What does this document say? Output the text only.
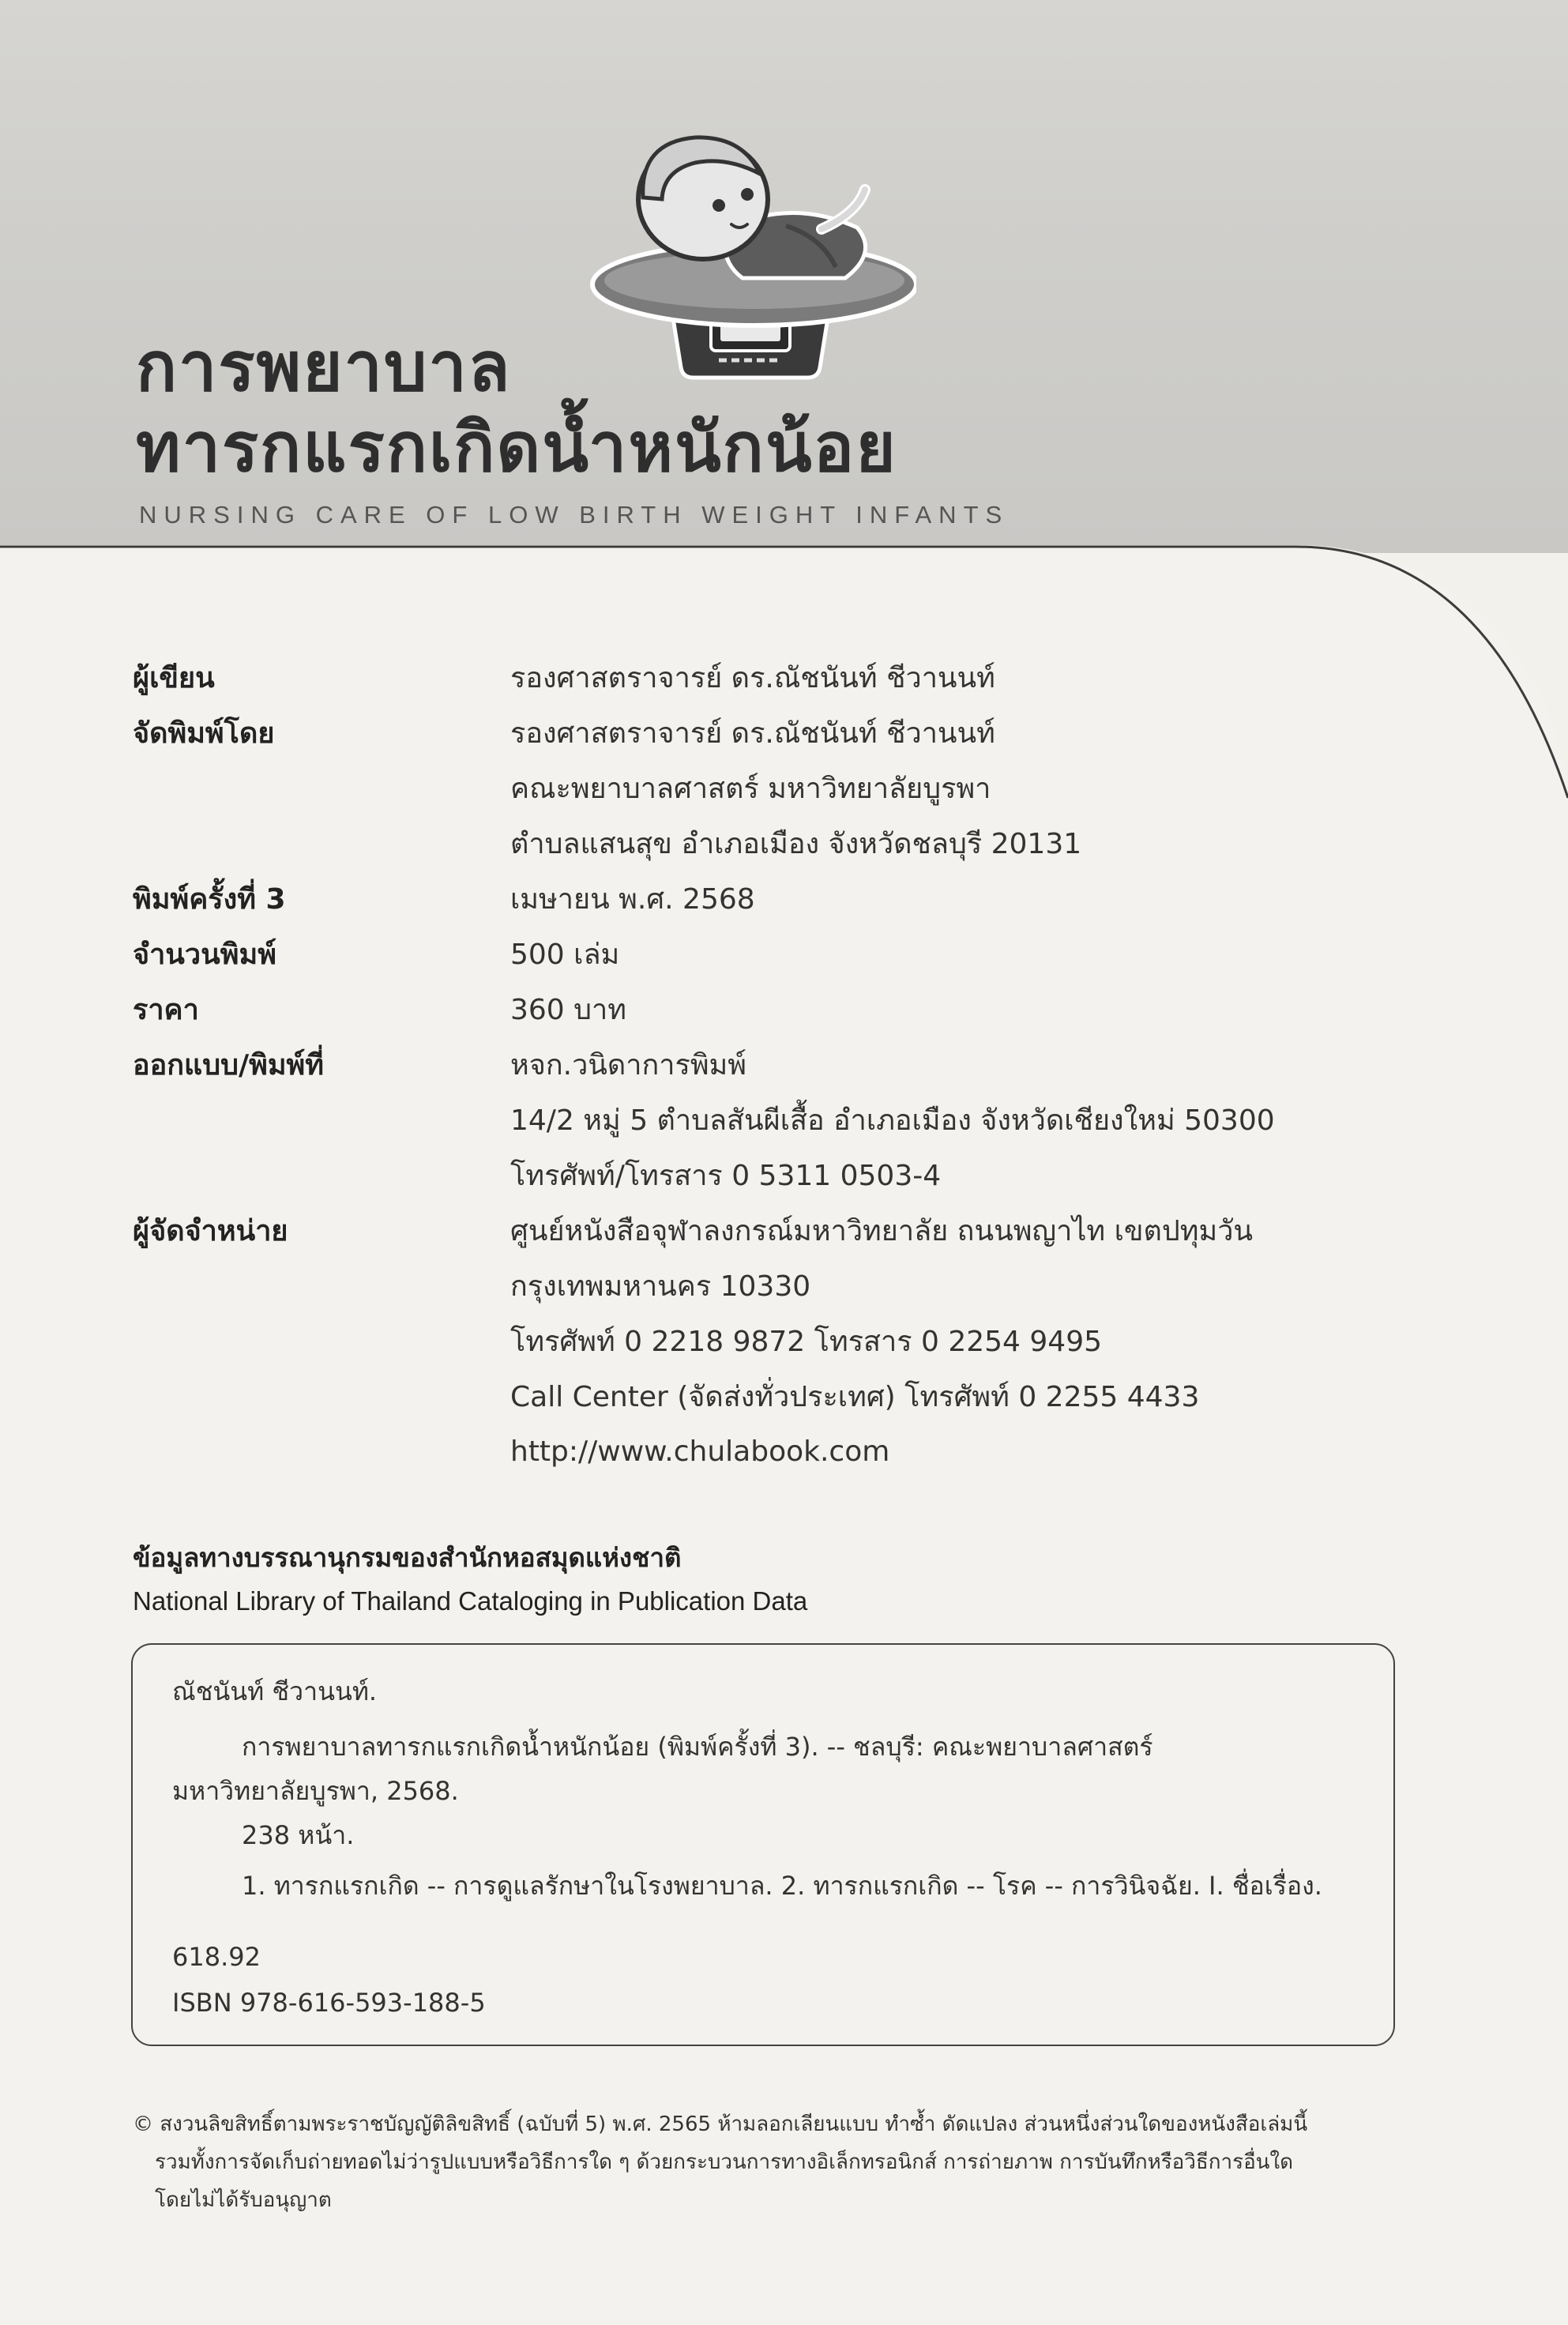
การพยาบาล
ทารกแรกเกิดน้ำหนักน้อย

NURSING CARE OF LOW BIRTH WEIGHT INFANTS

ผู้เขียน	รองศาสตราจารย์ ดร.ณัชนันท์ ชีวานนท์
จัดพิมพ์โดย	รองศาสตราจารย์ ดร.ณัชนันท์ ชีวานนท์
คณะพยาบาลศาสตร์ มหาวิทยาลัยบูรพา
ตำบลแสนสุข อำเภอเมือง จังหวัดชลบุรี 20131
พิมพ์ครั้งที่ 3	เมษายน พ.ศ. 2568
จำนวนพิมพ์	500 เล่ม
ราคา	360 บาท
ออกแบบ/พิมพ์ที่	หจก.วนิดาการพิมพ์
14/2 หมู่ 5 ตำบลสันผีเสื้อ อำเภอเมือง จังหวัดเชียงใหม่ 50300
โทรศัพท์/โทรสาร 0 5311 0503-4
ผู้จัดจำหน่าย	ศูนย์หนังสือจุฬาลงกรณ์มหาวิทยาลัย ถนนพญาไท เขตปทุมวัน
กรุงเทพมหานคร 10330
โทรศัพท์ 0 2218 9872 โทรสาร 0 2254 9495
Call Center (จัดส่งทั่วประเทศ) โทรศัพท์ 0 2255 4433
http://www.chulabook.com

ข้อมูลทางบรรณานุกรมของสำนักหอสมุดแห่งชาติ

National Library of Thailand Cataloging in Publication Data

ณัชนันท์ ชีวานนท์.

การพยาบาลทารกแรกเกิดน้ำหนักน้อย (พิมพ์ครั้งที่ 3). -- ชลบุรี: คณะพยาบาลศาสตร์

มหาวิทยาลัยบูรพา, 2568.

238 หน้า.

1. ทารกแรกเกิด -- การดูแลรักษาในโรงพยาบาล. 2. ทารกแรกเกิด -- โรค -- การวินิจฉัย. I. ชื่อเรื่อง.

618.92

ISBN 978-616-593-188-5

© สงวนลิขสิทธิ์ตามพระราชบัญญัติลิขสิทธิ์ (ฉบับที่ 5) พ.ศ. 2565 ห้ามลอกเลียนแบบ ทำซ้ำ ดัดแปลง ส่วนหนึ่งส่วนใดของหนังสือเล่มนี้

รวมทั้งการจัดเก็บถ่ายทอดไม่ว่ารูปแบบหรือวิธีการใด ๆ ด้วยกระบวนการทางอิเล็กทรอนิกส์ การถ่ายภาพ การบันทึกหรือวิธีการอื่นใด

โดยไม่ได้รับอนุญาต
